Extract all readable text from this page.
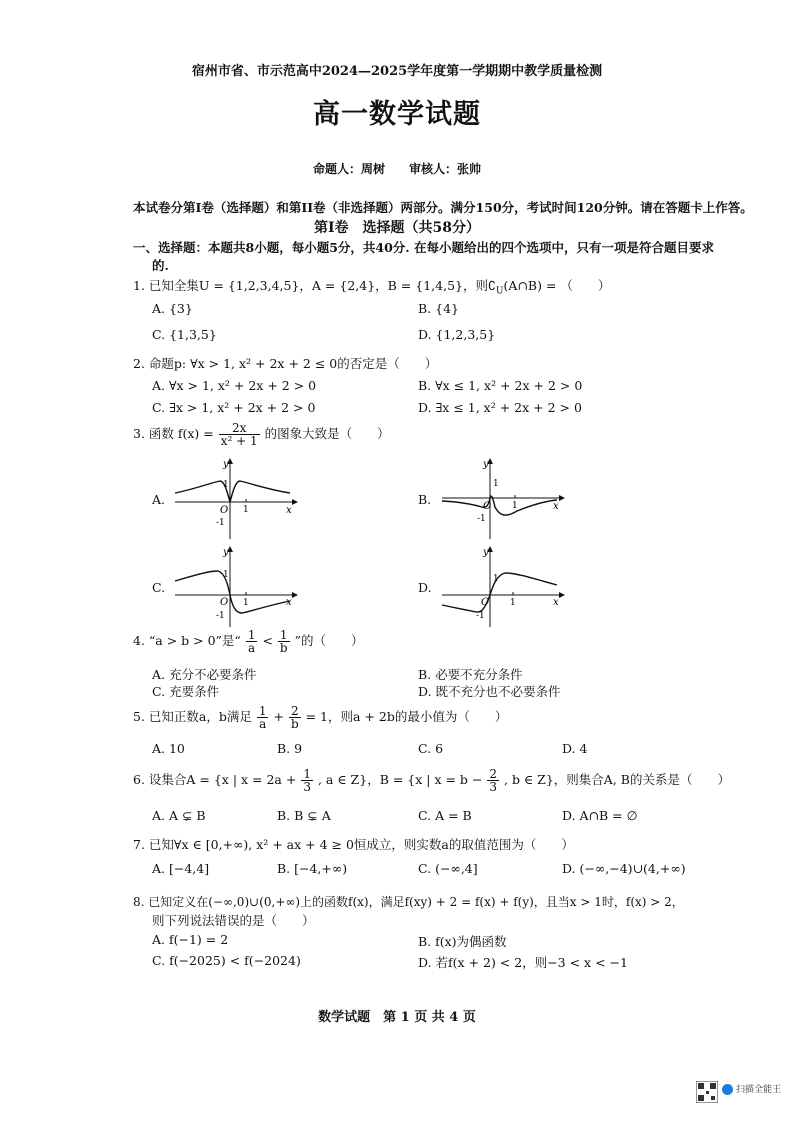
宿州市省、市示范高中2024—2025学年度第一学期期中教学质量检测
高一数学试题
命题人：周树　　审核人：张帅
本试卷分第I卷（选择题）和第II卷（非选择题）两部分。满分150分，考试时间120分钟。请在答题卡上作答。
第I卷　选择题（共58分）
一、选择题：本题共8小题，每小题5分，共40分. 在每小题给出的四个选项中，只有一项是符合题目要求
的.
1. 已知全集U = {1,2,3,4,5}，A = {2,4}，B = {1,4,5}，则$∁_U(A\cap B)$ = （　　）
A. {3}	B. {4}
C. {1,3,5}	D. {1,2,3,5}
2. 命题p: ∀x > 1, x² + 2x + 2 ≤ 0的否定是（　　）
A. ∀x > 1, x² + 2x + 2 > 0	B. ∀x ≤ 1, x² + 2x + 2 > 0
C. ∃x > 1, x² + 2x + 2 > 0	D. ∃x ≤ 1, x² + 2x + 2 > 0
3. 函数 $f(x) = \frac{2x}{\text{x² + 1}}$ 的图象大致是（　　）
A.	B.
C.	D.
y
x
O 1
1
-1
y
x
O 1
1
-1
y
x
O 1
1
-1
y
x
O 1
1
-1
4. “a > b > 0”是“ $\frac{1}{a} < \frac{1}{b}$ ”的（　　）
A. 充分不必要条件	B. 必要不充分条件
C. 充要条件	D. 既不充分也不必要条件
5. 已知正数a，b满足 $\frac{1}{a} + \frac{2}{b} = 1$，则a + 2b的最小值为（　　）
A. 10	B. 9	C. 6	D. 4
6. 设集合A = {x | $x = 2a + \frac{1}{3}$ , a ∈ Z}，B = {x | $x = b - \frac{2}{3}$ , b ∈ Z}，则集合A, B的关系是（　　）
A. A ⊊ B	B. B ⊊ A	C. A = B	D. A∩B = ∅
7. 已知∀x ∈ [0,+∞), x² + ax + 4 ≥ 0恒成立，则实数a的取值范围为（　　）
A. [−4,4]	B. [−4,+∞)	C. (−∞,4]	D. (−∞,−4)∪(4,+∞)
8. 已知定义在(−∞,0)∪(0,+∞)上的函数f(x)，满足f(xy) + 2 = f(x) + f(y)，且当x > 1时，f(x) > 2，
则下列说法错误的是（　　）
A. f(−1) = 2	B. f(x)为偶函数
C. f(−2025) < f(−2024)	D. 若f(x + 2) < 2，则−3 < x < −1
数学试题　第 1 页 共 4 页
扫描全能王
